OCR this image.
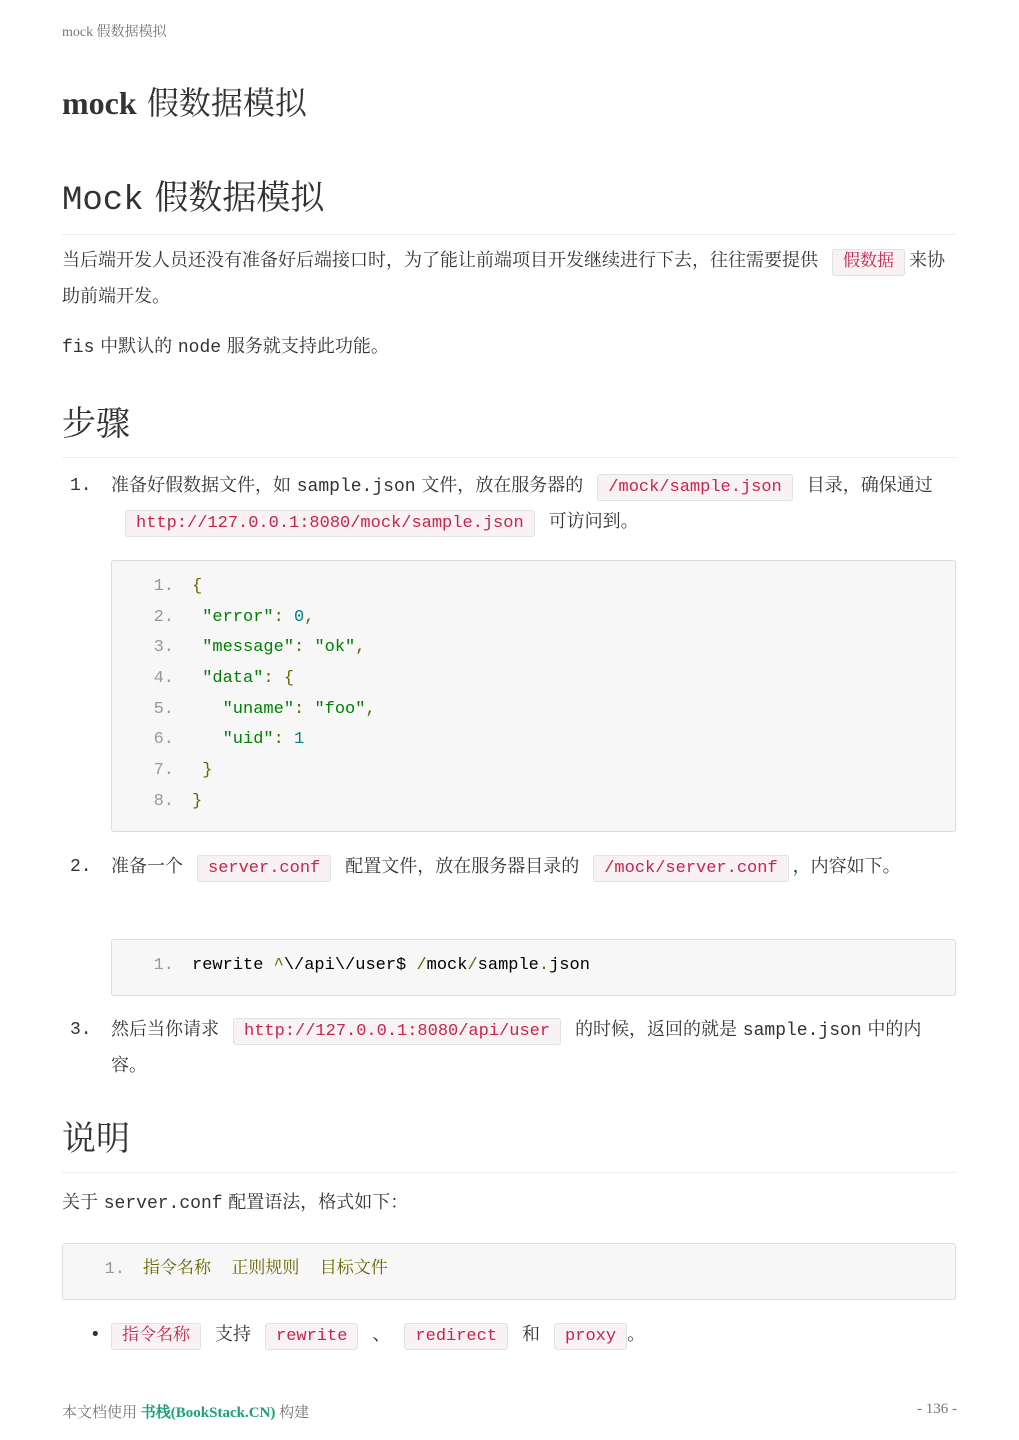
mock 假数据模拟
mock 假数据模拟
Mock 假数据模拟

当后端开发人员还没有准备好后端接口时，为了能让前端项目开发继续进行下去，往往需要提供 假数据 来协助前端开发。

fis 中默认的 node 服务就支持此功能。

步骤
1. 准备好假数据文件，如 sample.json 文件，放在服务器的 /mock/sample.json 目录，确保通过http://127.0.0.1:8080/mock/sample.json 可访问到。
1. {
2. "error": 0,
3. "message": "ok",
4. "data": {
5.   "uname": "foo",
6.   "uid": 1
7. }
8. }
2. 准备一个 server.conf 配置文件，放在服务器目录的 /mock/server.conf ，内容如下。
1. rewrite ^\/api\/user$ /mock/sample.json
3. 然后当你请求 http://127.0.0.1:8080/api/user 的时候，返回的就是 sample.json 中的内容。
说明

关于 server.conf 配置语法，格式如下：

1. 指令名称  正则规则  目标文件
•	指令名称 支持 rewrite 、 redirect 和 proxy 。
本文档使用 书栈(BookStack.CN) 构建	- 136 -
